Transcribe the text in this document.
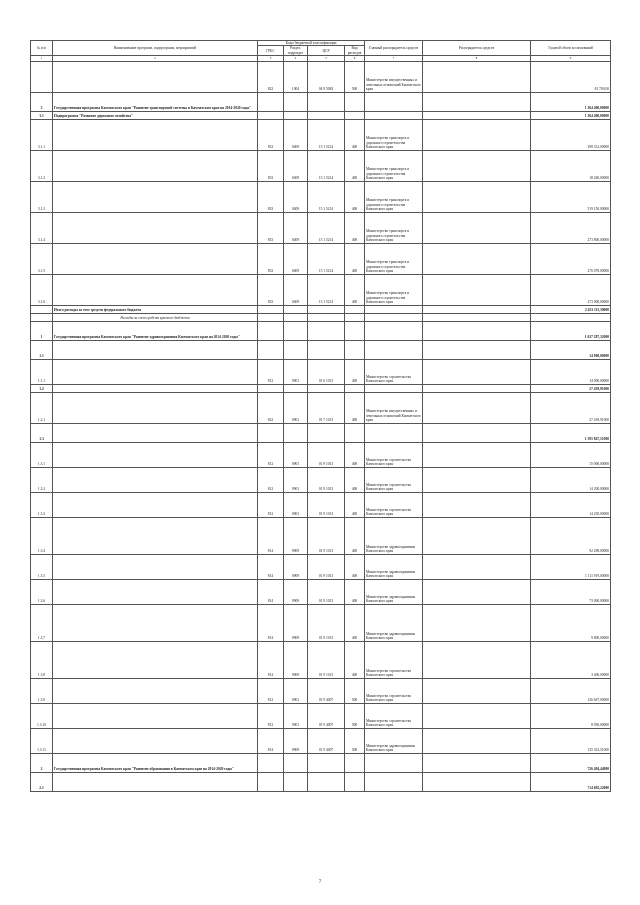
№ п/п	Наименование программ, подпрограмм, мероприятий	Коды бюджетной классификации				Главный распорядитель средств	Распорядитель средств	Годовой объем ассигнований
		ГРБС	Раздел, подраздел	ЦСР	Вид расходов			
1	2	3	4	5	6	7	8	9
		822	1004	04 9 5082	500	Министерство имущественных и земельных отношений Камчатского края		81 700,00
3	Государственная программа Камчатского края "Развитие транспортной системы в Камчатском крае на 2014-2020 годы"							1 364 400,00000
3.1	Подпрограмма "Развитие дорожного хозяйства"							1 364 400,00000
3.1.1		833	0409	15 1 5214	400	Министерство транспорта и дорожного строительства Камчатского края		298 312,00000
3.1.2		833	0409	15 1 5214	400	Министерство транспорта и дорожного строительства Камчатского края		18 260,00000
3.1.3		833	0409	15 1 5214	400	Министерство транспорта и дорожного строительства Камчатского края		519 150,00000
3.1.4		833	0409	15 1 5214	400	Министерство транспорта и дорожного строительства Камчатского края		273 800,00000
3.1.5		833	0409	15 1 5214	400	Министерство транспорта и дорожного строительства Камчатского края		276 078,00000
3.1.6		833	0409	15 1 5214	400	Министерство транспорта и дорожного строительства Камчатского края		273 900,00000
	Итого расходы за счет средств федерального бюджета							2 453 115,30000
	Расходы за счет средств краевого бюджета							
1	Государственная программа Камчатского края "Развитие здравоохранения Камчатского края на 2014-2020 годы"							1 637 287,32000
1.1								14 000,00000
1.1.1		812	0901	01 6 1013	400	Министерство строительства Камчатского края		14 000,00000
1.2								27 439,91000
1.2.1		822	0901	01 7 1013	400	Министерство имущественных и земельных отношений Камчатского края		27 439,91000
1.3								1 595 847,51000
1.3.1		812	0901	01 9 1013	400	Министерство строительства Камчатского края		15 000,00000
1.3.2		812	0901	01 9 1013	400	Министерство строительства Камчатского края		14 200,00000
1.3.3		812	0901	01 9 1013	400	Министерство строительства Камчатского края		14 250,00000
1.3.4		814	0909	01 9 1013	400	Министерство здравоохранения Камчатского края		92 298,00000
1.3.5		814	0909	01 9 1013	400	Министерство здравоохранения Камчатского края		1 111 919,00000
1.3.6		814	0909	01 9 1013	400	Министерство здравоохранения Камчатского края		73 000,00000
1.3.7		814	0909	01 9 1013	400	Министерство здравоохранения Камчатского края		9 800,00000
1.3.8		814	0909	01 9 1013	400	Министерство строительства Камчатского края		3 400,00000
1.3.9		812	0901	01 9 4007	500	Министерство строительства Камчатского края		126 667,00000
1.3.10		812	0901	01 9 4007	500	Министерство строительства Камчатского края		8 950,00000
1.3.11		814	0909	01 9 4007	500	Министерство здравоохранения Камчатского края		135 322,51000
2	Государственная программа Камчатского края "Развитие образования в Камчатском крае на 2014-2020 годы"							726 494,44000
2.1								714 692,22000
7
